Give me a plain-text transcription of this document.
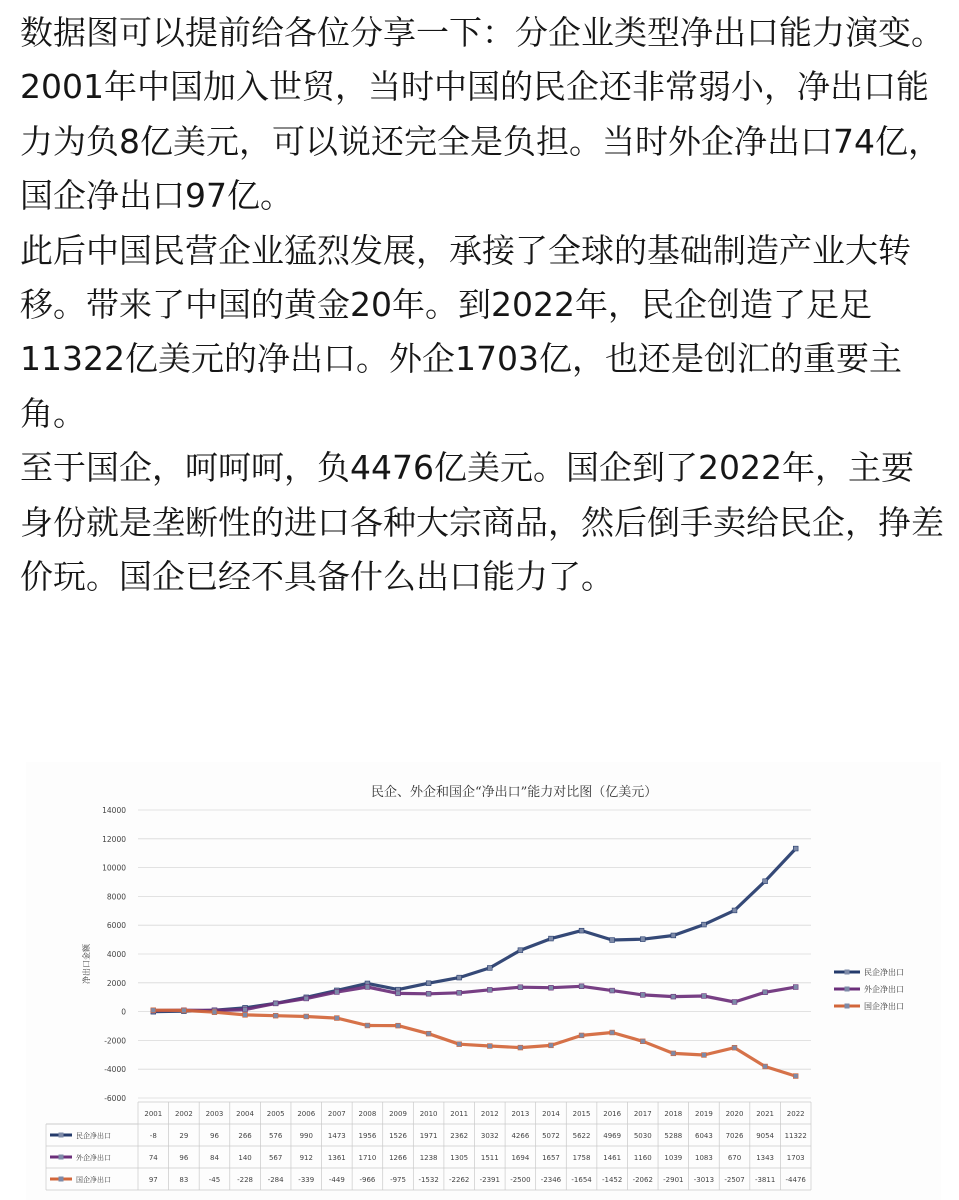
数据图可以提前给各位分享一下：分企业类型净出口能力演变。2001年中国加入世贸，当时中国的民企还非常弱小，净出口能力为负8亿美元，可以说还完全是负担。当时外企净出口74亿，国企净出口97亿。

此后中国民营企业猛烈发展，承接了全球的基础制造产业大转移。带来了中国的黄金20年。到2022年，民企创造了足足11322亿美元的净出口。外企1703亿，也还是创汇的重要主角。

至于国企，呵呵呵，负4476亿美元。国企到了2022年，主要身份就是垄断性的进口各种大宗商品，然后倒手卖给民企，挣差价玩。国企已经不具备什么出口能力了。

民企、外企和国企“净出口”能力对比图（亿美元）
14000
12000
10000
8000
6000
4000
2000
0
-2000
-4000
-6000
净出口金额	民企净出口
外企净出口
国企净出口
2001 2002 2003 2004 2005 2006 2007 2008 2009 2010 2011 2012 2013 2014 2015 2016 2017 2018 2019 2020 2021 2022
民企净出口	-8	29	96	266 576 990 1473 1956 1526 1971 2362 3032 4266 5072 5622 4969 5030 5288 6043 7026 9054 11322
外企净出口	74	96	84	140 567 912 1361 1710 1266 1238 1305 1511 1694 1657 1758 1461 1160 1039 1083 670 1343 1703
国企净出口	97	83	-45 -228 -284 -339 -449 -966 -975 -1532 -2262 -2391 -2500 -2346 -1654 -1452 -2062 -2901 -3013 -2507 -3811 -4476
